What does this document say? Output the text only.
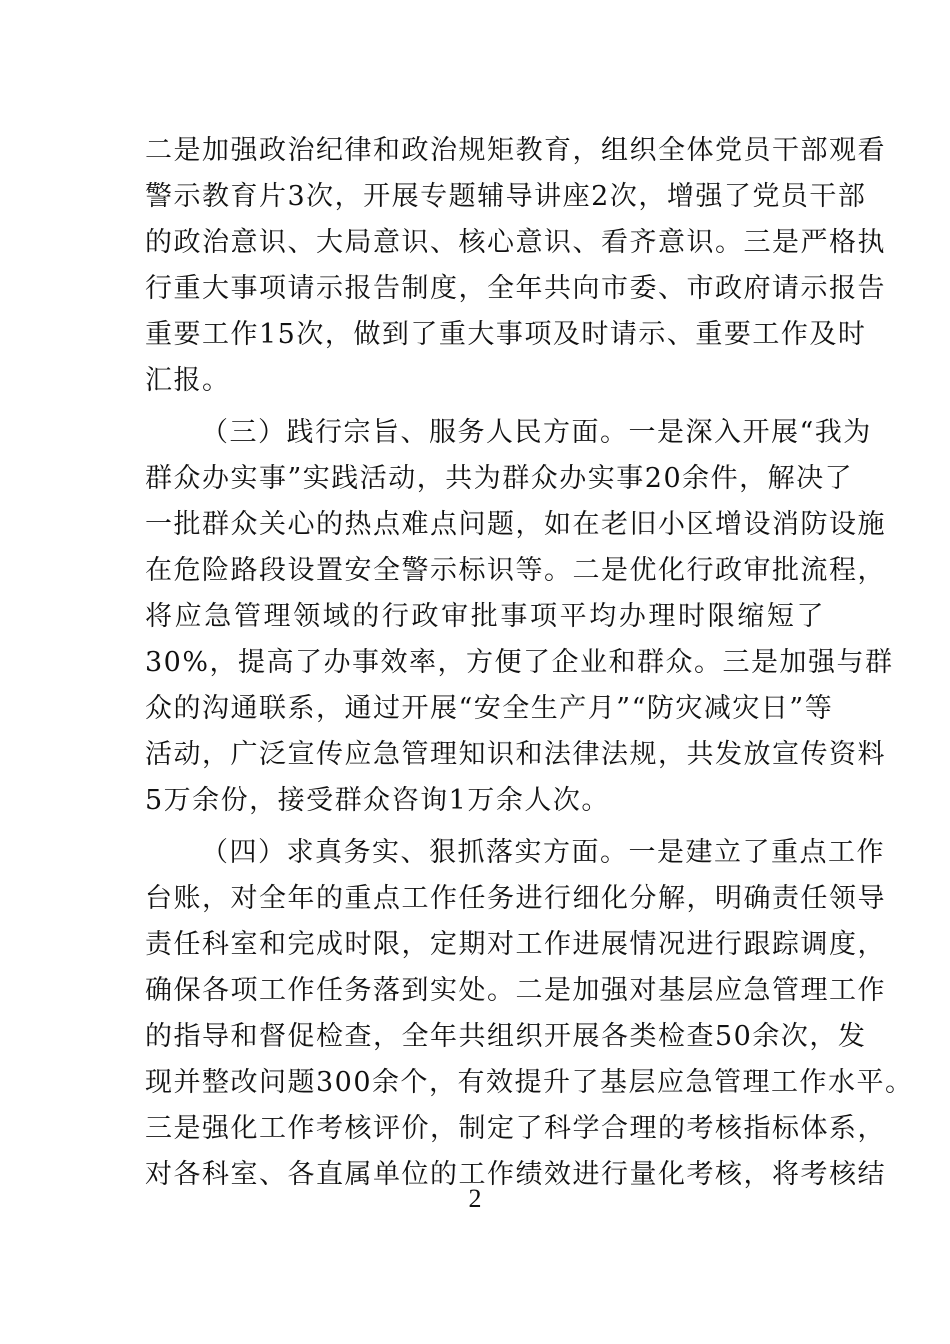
二是加强政治纪律和政治规矩教育，组织全体党员干部观看
警示教育片3次，开展专题辅导讲座2次，增强了党员干部
的政治意识、大局意识、核心意识、看齐意识。三是严格执
行重大事项请示报告制度，全年共向市委、市政府请示报告
重要工作15次，做到了重大事项及时请示、重要工作及时
汇报。
（三）践行宗旨、服务人民方面。一是深入开展“我为
群众办实事”实践活动，共为群众办实事20余件，解决了
一批群众关心的热点难点问题，如在老旧小区增设消防设施
在危险路段设置安全警示标识等。二是优化行政审批流程，
将应急管理领域的行政审批事项平均办理时限缩短了
30%，提高了办事效率，方便了企业和群众。三是加强与群
众的沟通联系，通过开展“安全生产月”“防灾减灾日”等
活动，广泛宣传应急管理知识和法律法规，共发放宣传资料
5万余份，接受群众咨询1万余人次。
（四）求真务实、狠抓落实方面。一是建立了重点工作
台账，对全年的重点工作任务进行细化分解，明确责任领导
责任科室和完成时限，定期对工作进展情况进行跟踪调度，
确保各项工作任务落到实处。二是加强对基层应急管理工作
的指导和督促检查，全年共组织开展各类检查50余次，发
现并整改问题300余个，有效提升了基层应急管理工作水平。
三是强化工作考核评价，制定了科学合理的考核指标体系，
对各科室、各直属单位的工作绩效进行量化考核，将考核结
2
